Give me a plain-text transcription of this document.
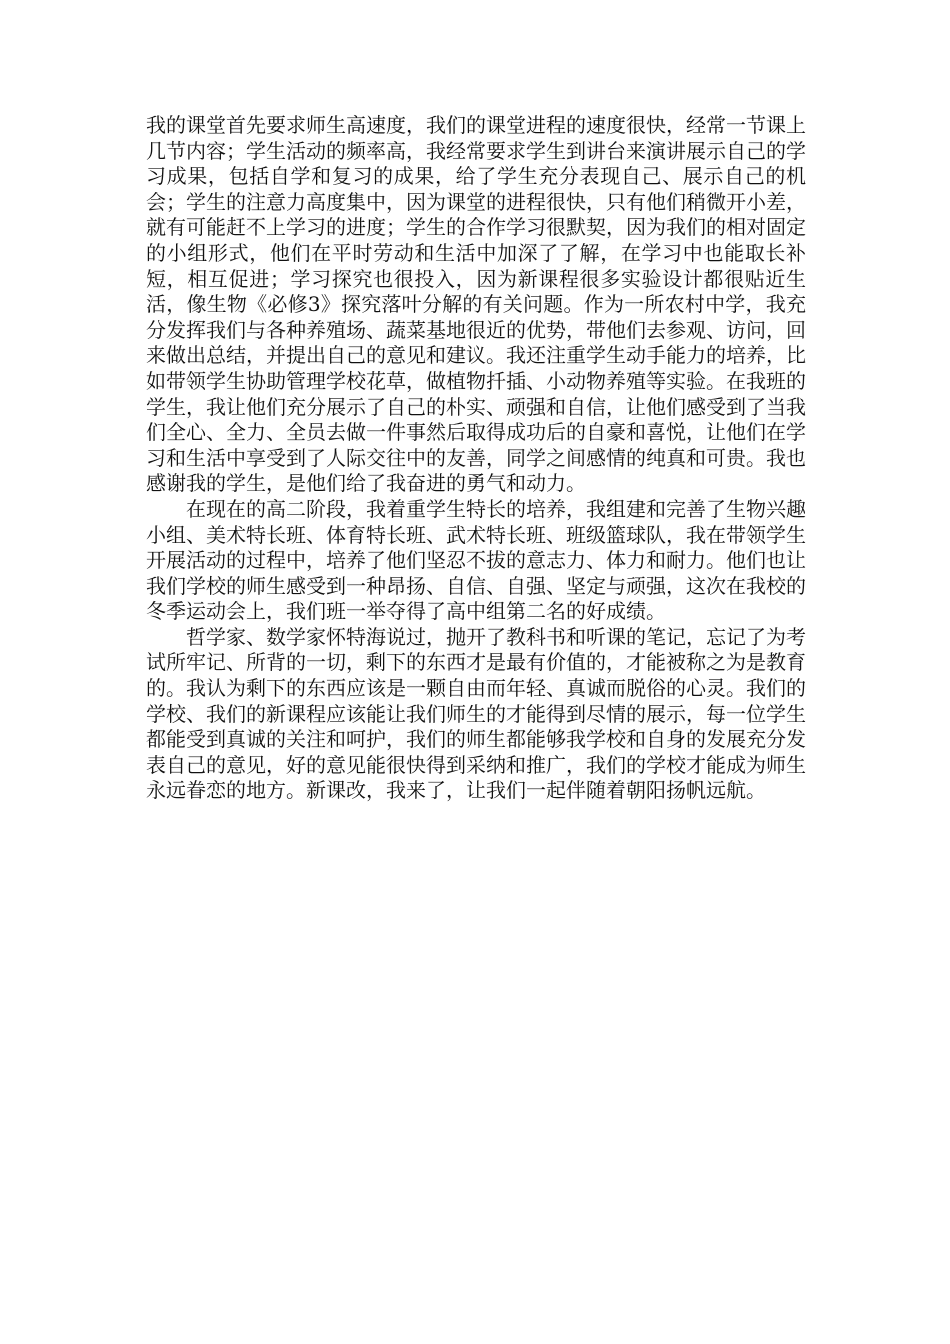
我的课堂首先要求师生高速度，我们的课堂进程的速度很快，经常一节课上几节内容；学生活动的频率高，我经常要求学生到讲台来演讲展示自己的学习成果，包括自学和复习的成果，给了学生充分表现自己、展示自己的机会；学生的注意力高度集中，因为课堂的进程很快，只有他们稍微开小差，就有可能赶不上学习的进度；学生的合作学习很默契，因为我们的相对固定的小组形式，他们在平时劳动和生活中加深了了解，在学习中也能取长补短，相互促进；学习探究也很投入，因为新课程很多实验设计都很贴近生活，像生物《必修3》探究落叶分解的有关问题。作为一所农村中学，我充分发挥我们与各种养殖场、蔬菜基地很近的优势，带他们去参观、访问，回来做出总结，并提出自己的意见和建议。我还注重学生动手能力的培养，比如带领学生协助管理学校花草，做植物扦插、小动物养殖等实验。在我班的学生，我让他们充分展示了自己的朴实、顽强和自信，让他们感受到了当我们全心、全力、全员去做一件事然后取得成功后的自豪和喜悦，让他们在学习和生活中享受到了人际交往中的友善，同学之间感情的纯真和可贵。我也感谢我的学生，是他们给了我奋进的勇气和动力。

在现在的高二阶段，我着重学生特长的培养，我组建和完善了生物兴趣小组、美术特长班、体育特长班、武术特长班、班级篮球队，我在带领学生开展活动的过程中，培养了他们坚忍不拔的意志力、体力和耐力。他们也让我们学校的师生感受到一种昂扬、自信、自强、坚定与顽强，这次在我校的冬季运动会上，我们班一举夺得了高中组第二名的好成绩。

哲学家、数学家怀特海说过，抛开了教科书和听课的笔记，忘记了为考试所牢记、所背的一切，剩下的东西才是最有价值的，才能被称之为是教育的。我认为剩下的东西应该是一颗自由而年轻、真诚而脱俗的心灵。我们的学校、我们的新课程应该能让我们师生的才能得到尽情的展示，每一位学生都能受到真诚的关注和呵护，我们的师生都能够我学校和自身的发展充分发表自己的意见，好的意见能很快得到采纳和推广，我们的学校才能成为师生永远眷恋的地方。新课改，我来了，让我们一起伴随着朝阳扬帆远航。
